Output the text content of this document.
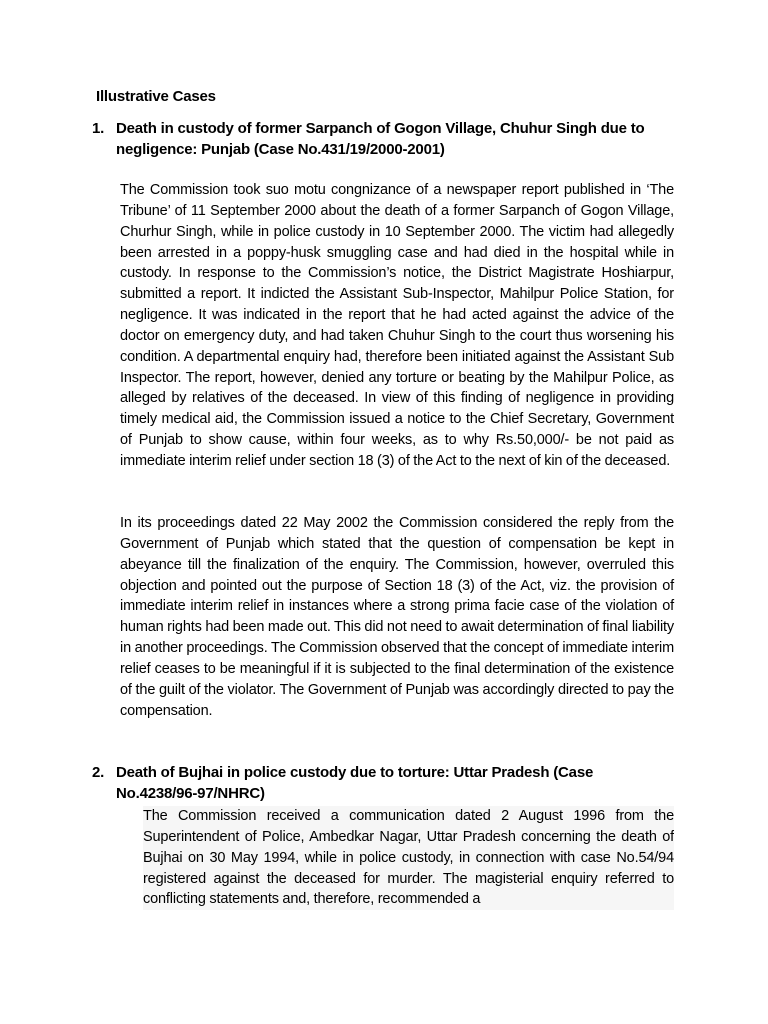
Illustrative Cases
1. Death in custody of former Sarpanch of Gogon Village, Chuhur Singh due to negligence: Punjab (Case No.431/19/2000-2001)
The Commission took suo motu congnizance of a newspaper report published in ‘The Tribune’ of 11 September 2000 about the death of a former Sarpanch of Gogon Village, Churhur Singh, while in police custody in 10 September 2000. The victim had allegedly been arrested in a poppy-husk smuggling case and had died in the hospital while in custody. In response to the Commission’s notice, the District Magistrate Hoshiarpur, submitted a report. It indicted the Assistant Sub-Inspector, Mahilpur Police Station, for negligence. It was indicated in the report that he had acted against the advice of the doctor on emergency duty, and had taken Chuhur Singh to the court thus worsening his condition. A departmental enquiry had, therefore been initiated against the Assistant Sub Inspector. The report, however, denied any torture or beating by the Mahilpur Police, as alleged by relatives of the deceased. In view of this finding of negligence in providing timely medical aid, the Commission issued a notice to the Chief Secretary, Government of Punjab to show cause, within four weeks, as to why Rs.50,000/- be not paid as immediate interim relief under section 18 (3) of the Act to the next of kin of the deceased.
In its proceedings dated 22 May 2002 the Commission considered the reply from the Government of Punjab which stated that the question of compensation be kept in abeyance till the finalization of the enquiry. The Commission, however, overruled this objection and pointed out the purpose of Section 18 (3) of the Act, viz. the provision of immediate interim relief in instances where a strong prima facie case of the violation of human rights had been made out. This did not need to await determination of final liability in another proceedings. The Commission observed that the concept of immediate interim relief ceases to be meaningful if it is subjected to the final determination of the existence of the guilt of the violator. The Government of Punjab was accordingly directed to pay the compensation.
2. Death of Bujhai in police custody due to torture: Uttar Pradesh (Case No.4238/96-97/NHRC)
The Commission received a communication dated 2 August 1996 from the Superintendent of Police, Ambedkar Nagar, Uttar Pradesh concerning the death of Bujhai on 30 May 1994, while in police custody, in connection with case No.54/94 registered against the deceased for murder. The magisterial enquiry referred to conflicting statements and, therefore, recommended a
